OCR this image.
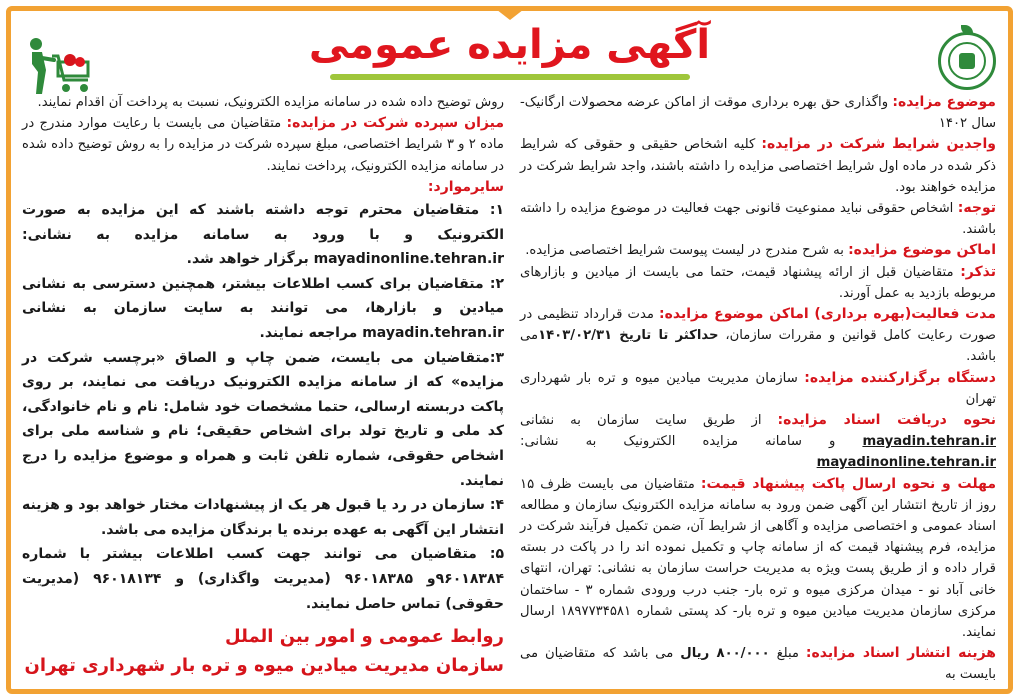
آگهی مزایده عمومی

موضوع مزایده: واگذاری حق بهره برداری موقت از اماکن عرضه محصولات ارگانیک- سال ۱۴۰۲

واجدین شرایط شرکت در مزایده: کلیه اشخاص حقیقی و حقوقی که شرایط ذکر شده در ماده اول شرایط اختصاصی مزایده را داشته باشند، واجد شرایط شرکت در مزایده خواهند بود.

توجه: اشخاص حقوقی نباید ممنوعیت قانونی جهت فعالیت در موضوع مزایده را داشته باشند.

اماکن موضوع مزایده: به شرح مندرج در لیست پیوست شرایط اختصاصی مزایده.

تذکر: متقاضیان قبل از ارائه پیشنهاد قیمت، حتما می بایست از میادین و بازارهای مربوطه بازدید به عمل آورند.

مدت فعالیت(بهره برداری) اماکن موضوع مزایده: مدت قرارداد تنظیمی در صورت رعایت کامل قوانین و مقررات سازمان، حداکثر تا تاریخ ۱۴۰۳/۰۲/۳۱می باشد.

دستگاه برگزارکننده مزایده: سازمان مدیریت میادین میوه و تره بار شهرداری تهران

نحوه دریافت اسناد مزایده: از طریق سایت سازمان به نشانی mayadin.tehran.ir و سامانه مزایده الکترونیک به نشانی: mayadinonline.tehran.ir

مهلت و نحوه ارسال پاکت پیشنهاد قیمت: متقاضیان می بایست ظرف ۱۵ روز از تاریخ انتشار این آگهی ضمن ورود به سامانه مزایده الکترونیک سازمان و مطالعه اسناد عمومی و اختصاصی مزایده و آگاهی از شرایط آن، ضمن تکمیل فرآیند شرکت در مزایده، فرم پیشنهاد قیمت که از سامانه چاپ و تکمیل نموده اند را در پاکت در بسته قرار داده و از طریق پست ویژه به مدیریت حراست سازمان به نشانی: تهران، انتهای خانی آباد نو - میدان مرکزی میوه و تره بار- جنب درب ورودی شماره ۳ - ساختمان مرکزی سازمان مدیریت میادین میوه و تره بار- کد پستی شماره ۱۸۹۷۷۳۴۵۸۱ ارسال نمایند.

هزینه انتشار اسناد مزایده: مبلغ ۸۰۰/۰۰۰ ریال می باشد که متقاضیان می بایست به

روش توضیح داده شده در سامانه مزایده الکترونیک، نسبت به پرداخت آن اقدام نمایند.

میزان سپرده شرکت در مزایده: متقاضیان می بایست با رعایت موارد مندرج در ماده ۲ و ۳ شرایط اختصاصی، مبلغ سپرده شرکت در مزایده را به روش توضیح داده شده در سامانه مزایده الکترونیک، پرداخت نمایند.

سایرموارد:

۱: متقاضیان محترم توجه داشته باشند که این مزایده به صورت الکترونیک و با ورود به سامانه مزایده به نشانی: mayadinonline.tehran.ir برگزار خواهد شد.

۲: متقاضیان برای کسب اطلاعات بیشتر، همچنین دسترسی به نشانی میادین و بازارها، می توانند به سایت سازمان به نشانی mayadin.tehran.ir مراجعه نمایند.

۳:متقاضیان می بایست، ضمن چاپ و الصاق «برچسب شرکت در مزایده» که از سامانه مزایده الکترونیک دریافت می نمایند، بر روی پاکت دربسته ارسالی، حتما مشخصات خود شامل: نام و نام خانوادگی، کد ملی و تاریخ تولد برای اشخاص حقیقی؛ نام و شناسه ملی برای اشخاص حقوقی، شماره تلفن ثابت و همراه و موضوع مزایده را درج نمایند.

۴: سازمان در رد یا قبول هر یک از پیشنهادات مختار خواهد بود و هزینه انتشار این آگهی به عهده برنده یا برندگان مزایده می باشد.

۵: متقاضیان می توانند جهت کسب اطلاعات بیشتر با شماره ۹۶۰۱۸۳۸۴و ۹۶۰۱۸۳۸۵ (مدیریت واگذاری) و ۹۶۰۱۸۱۳۴ (مدیریت حقوقی) تماس حاصل نمایند.

روابط عمومی و امور بین الملل
سازمان مدیریت میادین میوه و تره بار شهرداری تهران
